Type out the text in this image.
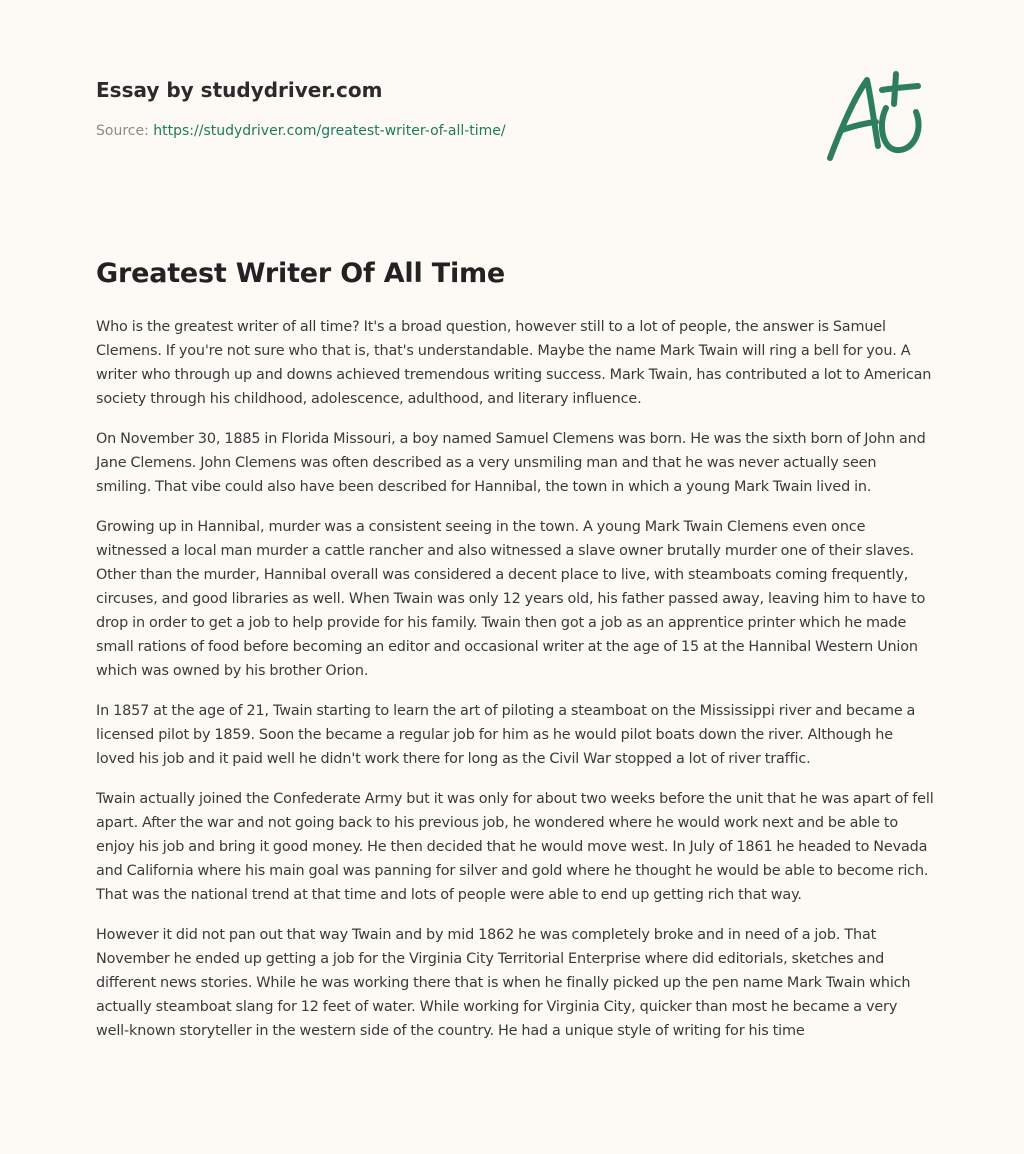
Essay by studydriver.com
Source: https://studydriver.com/greatest-writer-of-all-time/
Greatest Writer Of All Time

Who is the greatest writer of all time? It's a broad question, however still to a lot of people, the answer is Samuel Clemens. If you're not sure who that is, that's understandable. Maybe the name Mark Twain will ring a bell for you. A writer who through up and downs achieved tremendous writing success. Mark Twain, has contributed a lot to American society through his childhood, adolescence, adulthood, and literary influence.

On November 30, 1885 in Florida Missouri, a boy named Samuel Clemens was born. He was the sixth born of John and Jane Clemens. John Clemens was often described as a very unsmiling man and that he was never actually seen smiling. That vibe could also have been described for Hannibal, the town in which a young Mark Twain lived in.

Growing up in Hannibal, murder was a consistent seeing in the town. A young Mark Twain Clemens even once witnessed a local man murder a cattle rancher and also witnessed a slave owner brutally murder one of their slaves. Other than the murder, Hannibal overall was considered a decent place to live, with steamboats coming frequently, circuses, and good libraries as well. When Twain was only 12 years old, his father passed away, leaving him to have to drop in order to get a job to help provide for his family. Twain then got a job as an apprentice printer which he made small rations of food before becoming an editor and occasional writer at the age of 15 at the Hannibal Western Union which was owned by his brother Orion.

In 1857 at the age of 21, Twain starting to learn the art of piloting a steamboat on the Mississippi river and became a licensed pilot by 1859. Soon the became a regular job for him as he would pilot boats down the river. Although he loved his job and it paid well he didn't work there for long as the Civil War stopped a lot of river traffic.

Twain actually joined the Confederate Army but it was only for about two weeks before the unit that he was apart of fell apart. After the war and not going back to his previous job, he wondered where he would work next and be able to enjoy his job and bring it good money. He then decided that he would move west. In July of 1861 he headed to Nevada and California where his main goal was panning for silver and gold where he thought he would be able to become rich. That was the national trend at that time and lots of people were able to end up getting rich that way.

However it did not pan out that way Twain and by mid 1862 he was completely broke and in need of a job. That November he ended up getting a job for the Virginia City Territorial Enterprise where did editorials, sketches and different news stories. While he was working there that is when he finally picked up the pen name Mark Twain which actually steamboat slang for 12 feet of water. While working for Virginia City, quicker than most he became a very well-known storyteller in the western side of the country. He had a unique style of writing for his time
